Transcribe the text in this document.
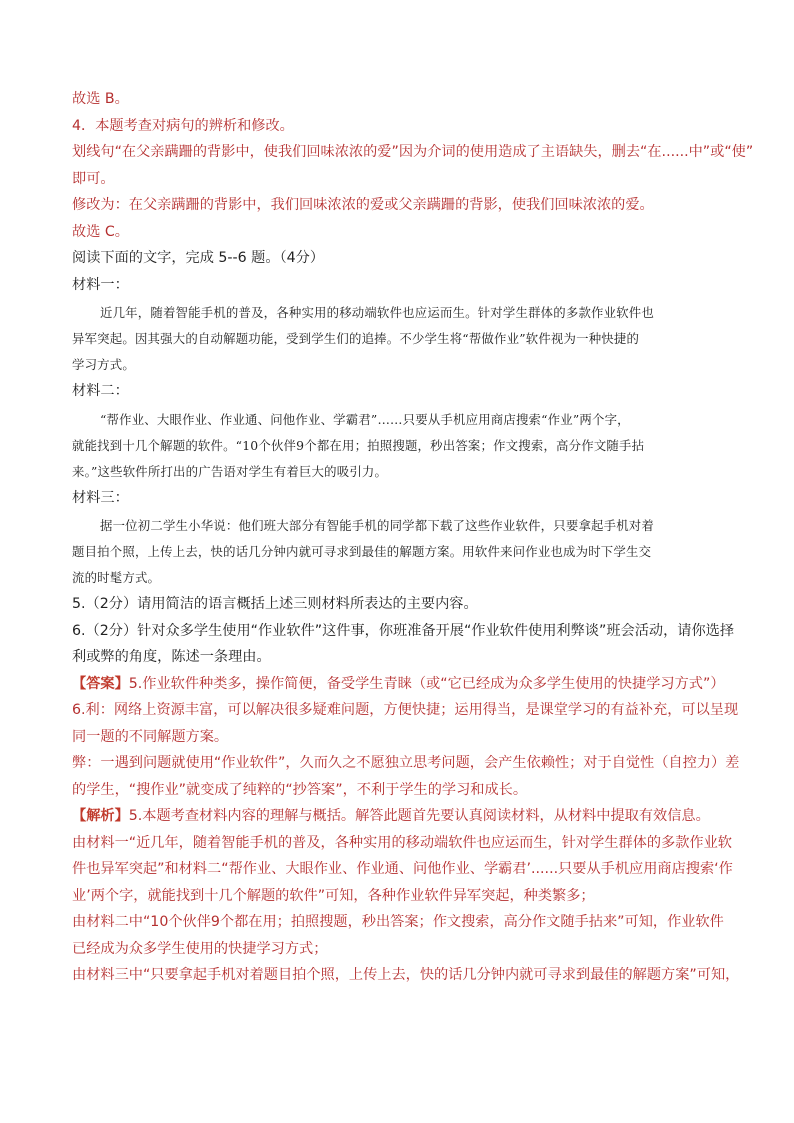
故选 B。
4．本题考查对病句的辨析和修改。
划线句“在父亲蹒跚的背影中，使我们回味浓浓的爱”因为介词的使用造成了主语缺失，删去“在......中”或“使”
即可。
修改为：在父亲蹒跚的背影中，我们回味浓浓的爱或父亲蹒跚的背影，使我们回味浓浓的爱。
故选 C。
阅读下面的文字，完成 5--6 题。（4分）
材料一：
近几年，随着智能手机的普及，各种实用的移动端软件也应运而生。针对学生群体的多款作业软件也
异军突起。因其强大的自动解题功能，受到学生们的追捧。不少学生将“帮做作业”软件视为一种快捷的
学习方式。
材料二：
“帮作业、大眼作业、作业通、问他作业、学霸君”……只要从手机应用商店搜索“作业”两个字，
就能找到十几个解题的软件。“10个伙伴9个都在用；拍照搜题，秒出答案；作文搜索，高分作文随手拈
来。”这些软件所打出的广告语对学生有着巨大的吸引力。
材料三：
据一位初二学生小华说：他们班大部分有智能手机的同学都下载了这些作业软件，只要拿起手机对着
题目拍个照，上传上去，快的话几分钟内就可寻求到最佳的解题方案。用软件来问作业也成为时下学生交
流的时髦方式。
5.（2分）请用简洁的语言概括上述三则材料所表达的主要内容。
6.（2分）针对众多学生使用“作业软件”这件事，你班准备开展“作业软件使用利弊谈”班会活动，请你选择
利或弊的角度，陈述一条理由。
【答案】5.作业软件种类多，操作简便，备受学生青睐（或“它已经成为众多学生使用的快捷学习方式”）
6.利：网络上资源丰富，可以解决很多疑难问题，方便快捷；运用得当，是课堂学习的有益补充，可以呈现
同一题的不同解题方案。
弊：一遇到问题就使用“作业软件”，久而久之不愿独立思考问题，会产生依赖性；对于自觉性（自控力）差
的学生，“搜作业”就变成了纯粹的“抄答案”，不利于学生的学习和成长。
【解析】5.本题考查材料内容的理解与概括。解答此题首先要认真阅读材料，从材料中提取有效信息。
由材料一“近几年，随着智能手机的普及，各种实用的移动端软件也应运而生，针对学生群体的多款作业软
件也异军突起”和材料二“帮作业、大眼作业、作业通、问他作业、学霸君’......只要从手机应用商店搜索‘作
业’两个字，就能找到十几个解题的软件”可知，各种作业软件异军突起，种类繁多；
由材料二中“10个伙伴9个都在用；拍照搜题，秒出答案；作文搜索，高分作文随手拈来”可知，作业软件
已经成为众多学生使用的快捷学习方式；
由材料三中“只要拿起手机对着题目拍个照，上传上去，快的话几分钟内就可寻求到最佳的解题方案”可知，
